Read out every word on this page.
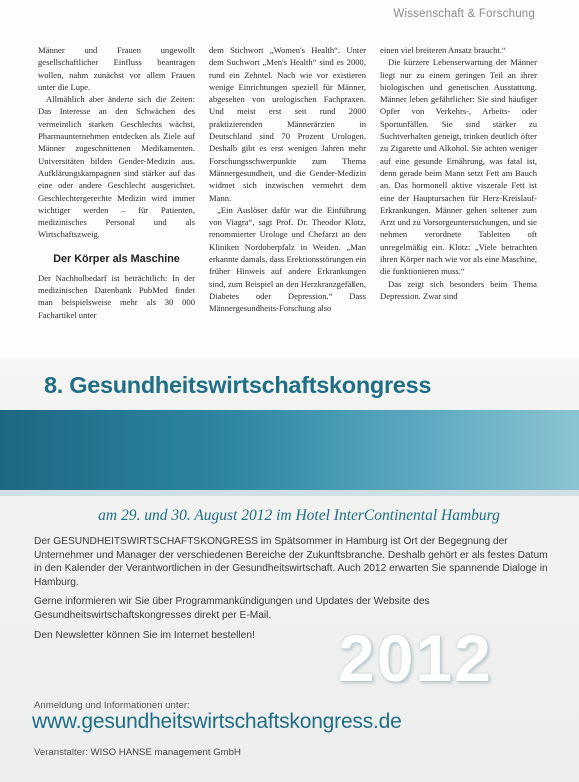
Wissenschaft & Forschung

Männer und Frauen ungewollt gesellschaftlicher Einfluss beantragen wollen, nahm zunächst vor allem Frauen unter die Lupe.

Allmählich aber änderte sich die Zeiten: Das Interesse an den Schwächen des vermeintlich starken Geschlechts wächst, Pharmaunternehmen entdecken als Ziele auf Männer zugeschnittenen Medikamenten. Universitäten bilden Gender-Medizin aus. Aufklärungskampagnen sind stärker auf das eine oder andere Geschlecht ausgerichtet. Geschlechtergerechte Medizin wird immer wichtiger werden – für Patienten, medizinisches Personal und als Wirtschaftszweig.

Der Körper als Maschine

Der Nachholbedarf ist beträchtlich: In der medizinischen Datenbank PubMed findet man beispielsweise mehr als 30 000 Fachartikel unter

dem Stichwort „Women's Health“. Unter dem Suchwort „Men's Health“ sind es 2000, rund ein Zehntel. Nach wie vor existieren wenige Einrichtungen speziell für Männer, abgesehen von urologischen Fachpraxen. Und meist erst seit rund 2000 praktizierenden Männerärzten in Deutschland sind 70 Prozent Urologen. Deshalb gibt es erst wenigen Jahren mehr Forschungsschwerpunkte zum Thema Männergesundheit, und die Gender-Medizin widmet sich inzwischen vermehrt dem Mann.

„Ein Auslöser dafür war die Einführung von Viagra“, sagt Prof. Dr. Theodor Klotz, renommierter Urologe und Chefarzt an den Kliniken Nordoberpfalz in Weiden. „Man erkannte damals, dass Erektionsstörungen ein früher Hinweis auf andere Erkrankungen sind, zum Beispiel an den Herzkranzgefäßen, Diabetes oder Depression.“ Dass Männergesundheits-Forschung also

einen viel breiteren Ansatz braucht.“

Die kürzere Lebenserwartung der Männer liegt nur zu einem geringen Teil an ihrer biologischen und genetischen Ausstattung. Männer leben gefährlicher: Sie sind häufiger Opfer von Verkehrs-, Arbeits- oder Sportunfällen. Sie sind stärker zu Suchtverhalten geneigt, trinken deutlich öfter zu Zigarette und Alkohol. Sie achten weniger auf eine gesunde Ernährung, was fatal ist, denn gerade beim Mann setzt Fett am Bauch an. Das hormonell aktive viszerale Fett ist eine der Hauptursachen für Herz-Kreislauf-Erkrankungen. Männer gehen seltener zum Arzt und zu Vorsorgeuntersuchungen, und sie nehmen verordnete Tabletten oft unregelmäßig ein. Klotz: „Viele betrachten ihren Körper nach wie vor als eine Maschine, die funktionieren muss.“

Das zeigt sich besonders beim Thema Depression. Zwar sind

8. Gesundheitswirtschaftskongress
am 29. und 30. August 2012 im Hotel InterContinental Hamburg

Der GESUNDHEITSWIRTSCHAFTSKONGRESS im Spätsommer in Hamburg ist Ort der Begegnung der Unternehmer und Manager der verschiedenen Bereiche der Zukunftsbranche. Deshalb gehört er als festes Datum in den Kalender der Verantwortlichen in der Gesundheitswirtschaft. Auch 2012 erwarten Sie spannende Dialoge in Hamburg.

Gerne informieren wir Sie über Programmankündigungen und Updates der Website des Gesundheitswirtschaftskongresses direkt per E-Mail.

Den Newsletter können Sie im Internet bestellen!	2012
Anmeldung und Informationen unter:
www.gesundheitswirtschaftskongress.de
Veranstalter: WISO HANSE management GmbH
